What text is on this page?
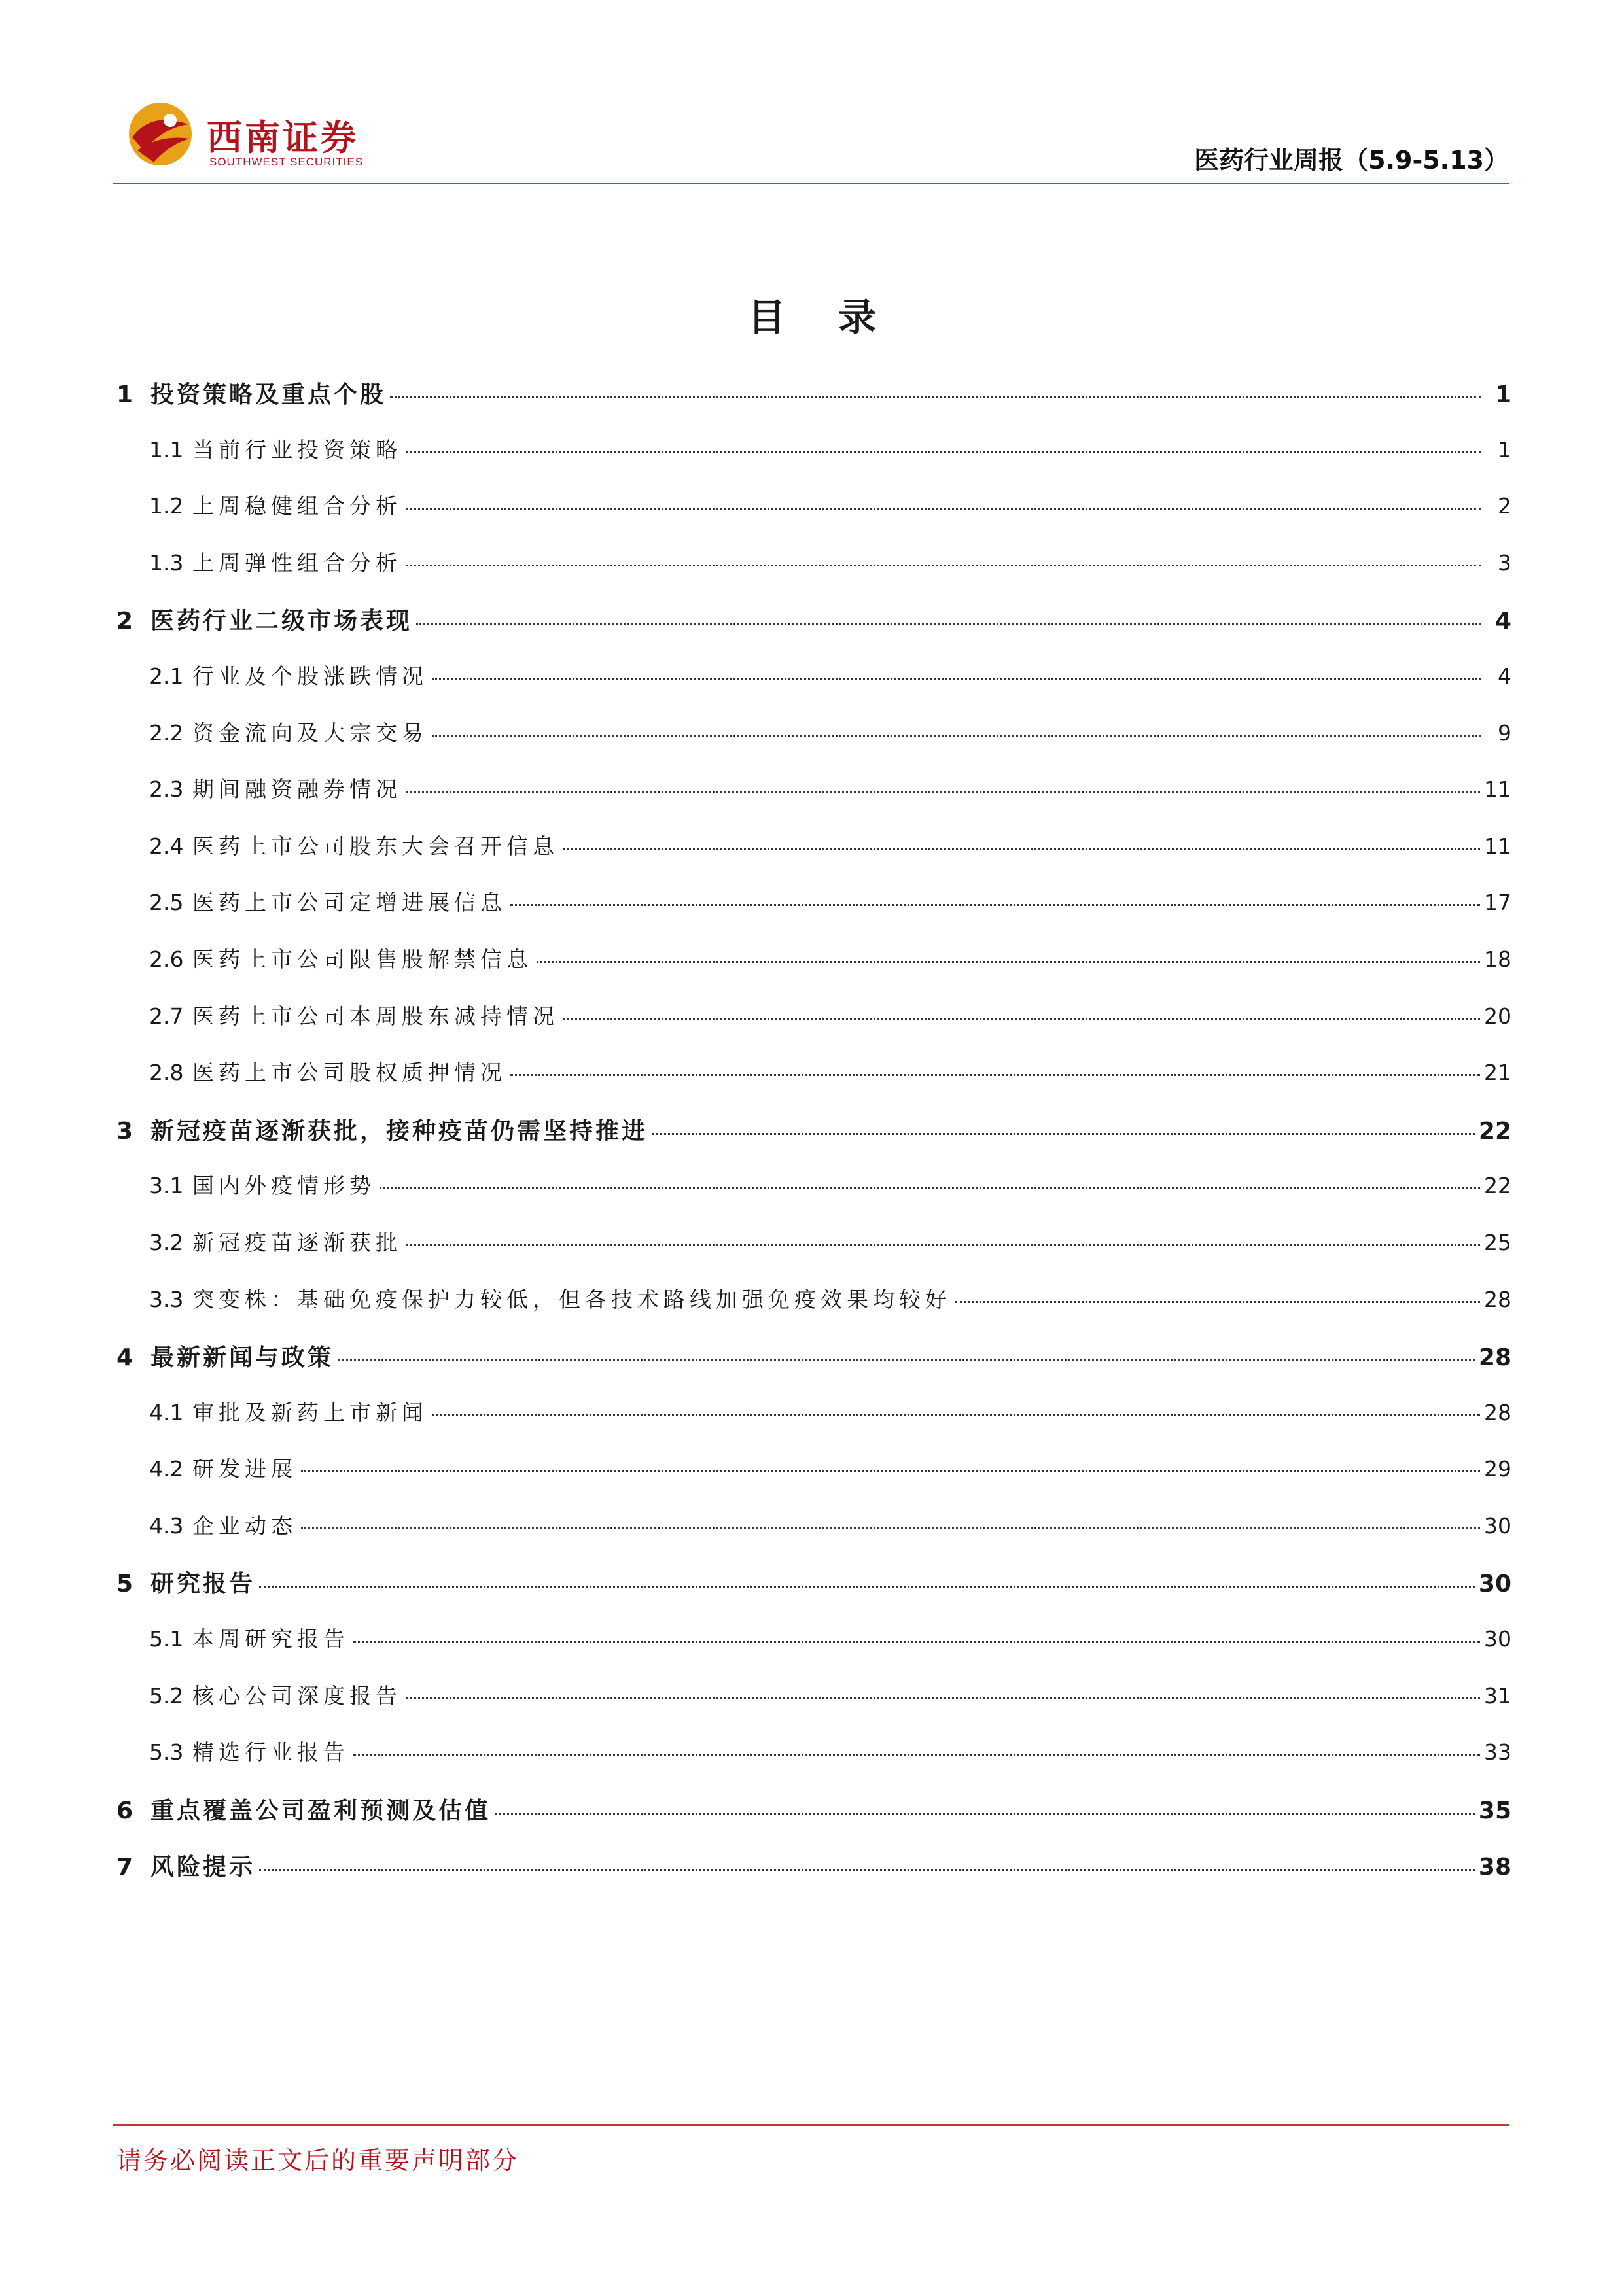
西南证券
SOUTHWEST SECURITIES	医药行业周报（5.9-5.13）
目 录
1 投资策略及重点个股	1
1.1 当前行业投资策略	1
1.2 上周稳健组合分析	2
1.3 上周弹性组合分析	3
2 医药行业二级市场表现	4
2.1 行业及个股涨跌情况	4
2.2 资金流向及大宗交易	9
2.3 期间融资融券情况	11
2.4 医药上市公司股东大会召开信息	11
2.5 医药上市公司定增进展信息	17
2.6 医药上市公司限售股解禁信息	18
2.7 医药上市公司本周股东减持情况	20
2.8 医药上市公司股权质押情况	21
3 新冠疫苗逐渐获批，接种疫苗仍需坚持推进	22
3.1 国内外疫情形势	22
3.2 新冠疫苗逐渐获批	25
3.3 突变株：基础免疫保护力较低，但各技术路线加强免疫效果均较好	28
4 最新新闻与政策	28
4.1 审批及新药上市新闻	28
4.2 研发进展	29
4.3 企业动态	30
5 研究报告	30
5.1 本周研究报告	30
5.2 核心公司深度报告	31
5.3 精选行业报告	33
6 重点覆盖公司盈利预测及估值	35
7 风险提示	38
请务必阅读正文后的重要声明部分
